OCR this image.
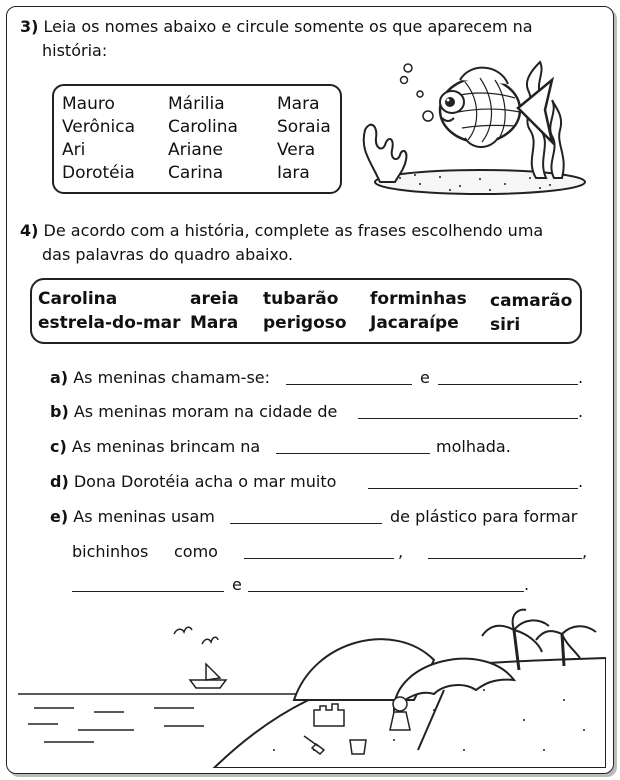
3) Leia os nomes abaixo e circule somente os que aparecem na
história:
Mauro	Márilia	Mara
Verônica Carolina Soraia
Ari	Ariane	Vera
Dorotéia Carina	Iara
4) De acordo com a história, complete as frases escolhendo uma
das palavras do quadro abaixo.
Carolina	areia tubarão forminhas camarão
estrela-do-mar Mara perigoso Jacaraípe siri
a) As meninas chamam-se:	e	.
b) As meninas moram na cidade de	.
c) As meninas brincam na	molhada.
d) Dona Dorotéia acha o mar muito	.
e) As meninas usam	de plástico para formar
bichinhos como	,	,
e	.
